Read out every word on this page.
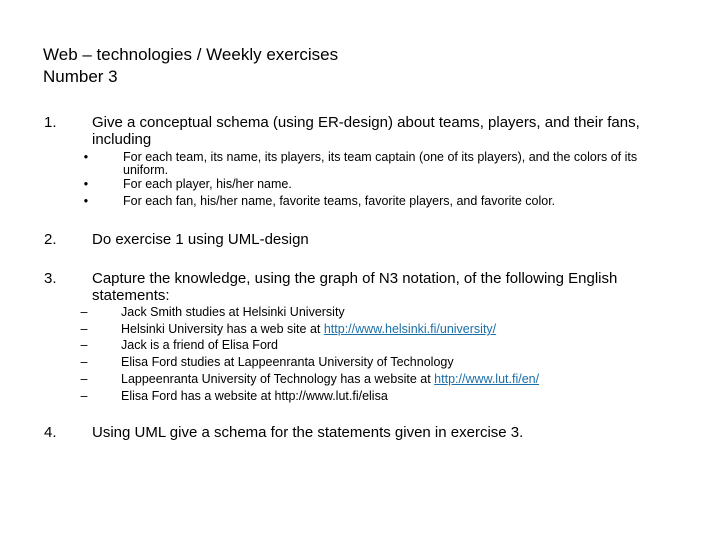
Web – technologies / Weekly exercises
Number 3
1.	Give a conceptual schema (using ER-design) about teams, players, and their fans, including
•	For each team, its name, its players, its team captain (one of its players), and the colors of its uniform.
•	For each player, his/her name.
•	For each fan, his/her name, favorite teams, favorite players, and favorite color.
2.	Do exercise 1 using UML-design
3.	Capture the knowledge, using the graph of N3 notation, of the following English statements:
–	Jack Smith studies at Helsinki University
–	Helsinki University has a web site at http://www.helsinki.fi/university/
–	Jack is a friend of Elisa Ford
–	Elisa Ford studies at Lappeenranta University of Technology
–	Lappeenranta University of Technology has a website at http://www.lut.fi/en/
–	Elisa Ford has a website at http://www.lut.fi/elisa
4.	Using UML give a schema for the statements given in exercise 3.
